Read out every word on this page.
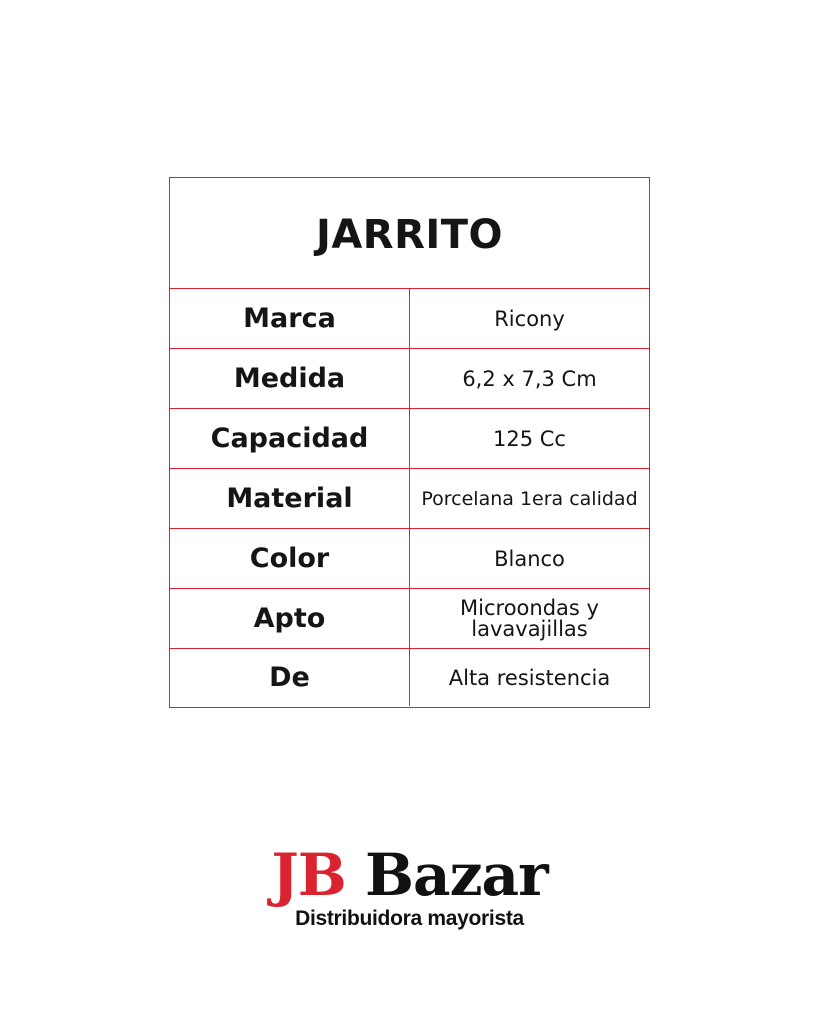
JARRITO
Marca	Ricony
Medida	6,2 x 7,3 Cm
Capacidad	125 Cc
Material	Porcelana 1era calidad
Color	Blanco
Apto	Microondas y
lavavajillas
De	Alta resistencia
JB Bazar
Distribuidora mayorista
